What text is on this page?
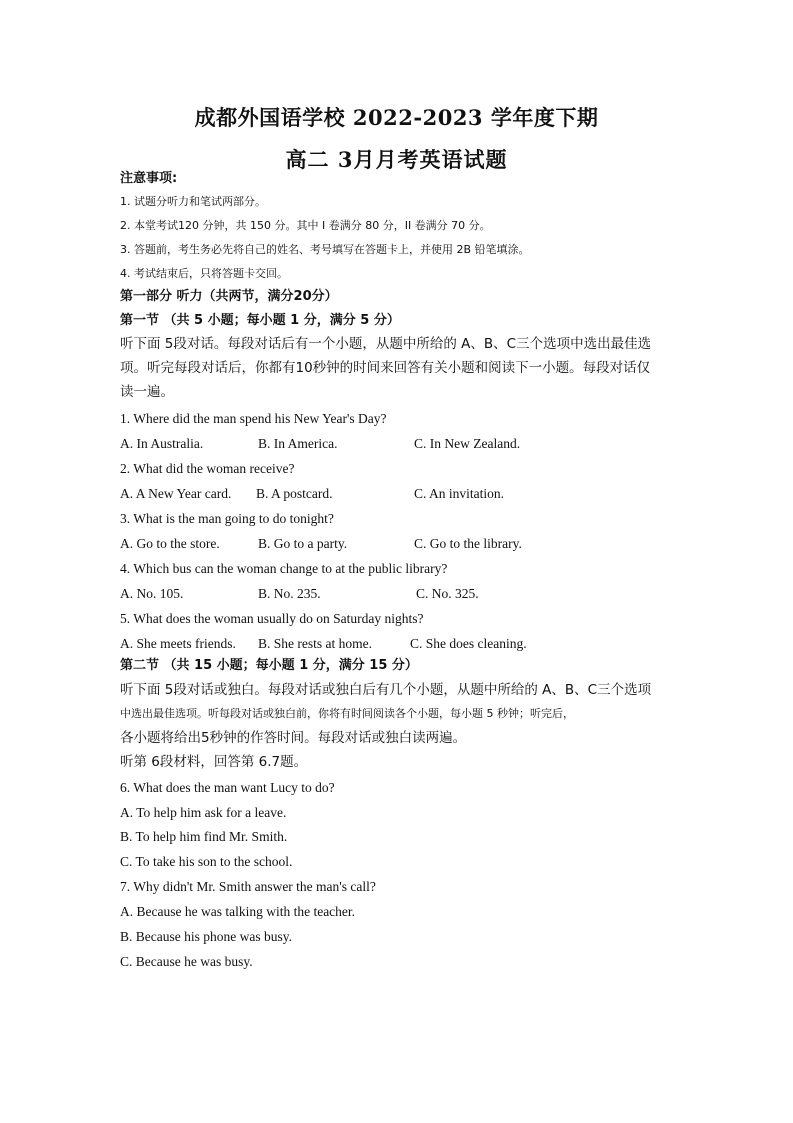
成都外国语学校 2022-2023 学年度下期
高二 3月月考英语试题
注意事项:
1. 试题分听力和笔试两部分。
2. 本堂考试120 分钟，共 150 分。其中 I 卷满分 80 分，II 卷满分 70 分。
3. 答题前，考生务必先将自己的姓名、考号填写在答题卡上，并使用 2B 铅笔填涂。
4. 考试结束后，只将答题卡交回。
第一部分 听力（共两节，满分20分）
第一节 （共 5 小题；每小题 1 分，满分 5 分）
听下面 5段对话。每段对话后有一个小题，从题中所给的 A、B、C三个选项中选出最佳选
项。听完每段对话后，你都有10秒钟的时间来回答有关小题和阅读下一小题。每段对话仅
读一遍。
1. Where did the man spend his New Year's Day?
A. In Australia.	B. In America.	C. In New Zealand.
2. What did the woman receive?
A. A New Year card. B. A postcard.	C. An invitation.
3. What is the man going to do tonight?
A. Go to the store.	B. Go to a party.	C. Go to the library.
4. Which bus can the woman change to at the public library?
A. No. 105.	B. No. 235.	C. No. 325.
5. What does the woman usually do on Saturday nights?
A. She meets friends. B. She rests at home.	C. She does cleaning.
第二节 （共 15 小题；每小题 1 分，满分 15 分）
听下面 5段对话或独白。每段对话或独白后有几个小题，从题中所给的 A、B、C三个选项
中选出最佳选项。听每段对话或独白前，你将有时间阅读各个小题，每小题 5 秒钟；听完后，
各小题将给出5秒钟的作答时间。每段对话或独白读两遍。
听第 6段材料，回答第 6.7题。
6. What does the man want Lucy to do?
A. To help him ask for a leave.
B. To help him find Mr. Smith.
C. To take his son to the school.
7. Why didn't Mr. Smith answer the man's call?
A. Because he was talking with the teacher.
B. Because his phone was busy.
C. Because he was busy.
